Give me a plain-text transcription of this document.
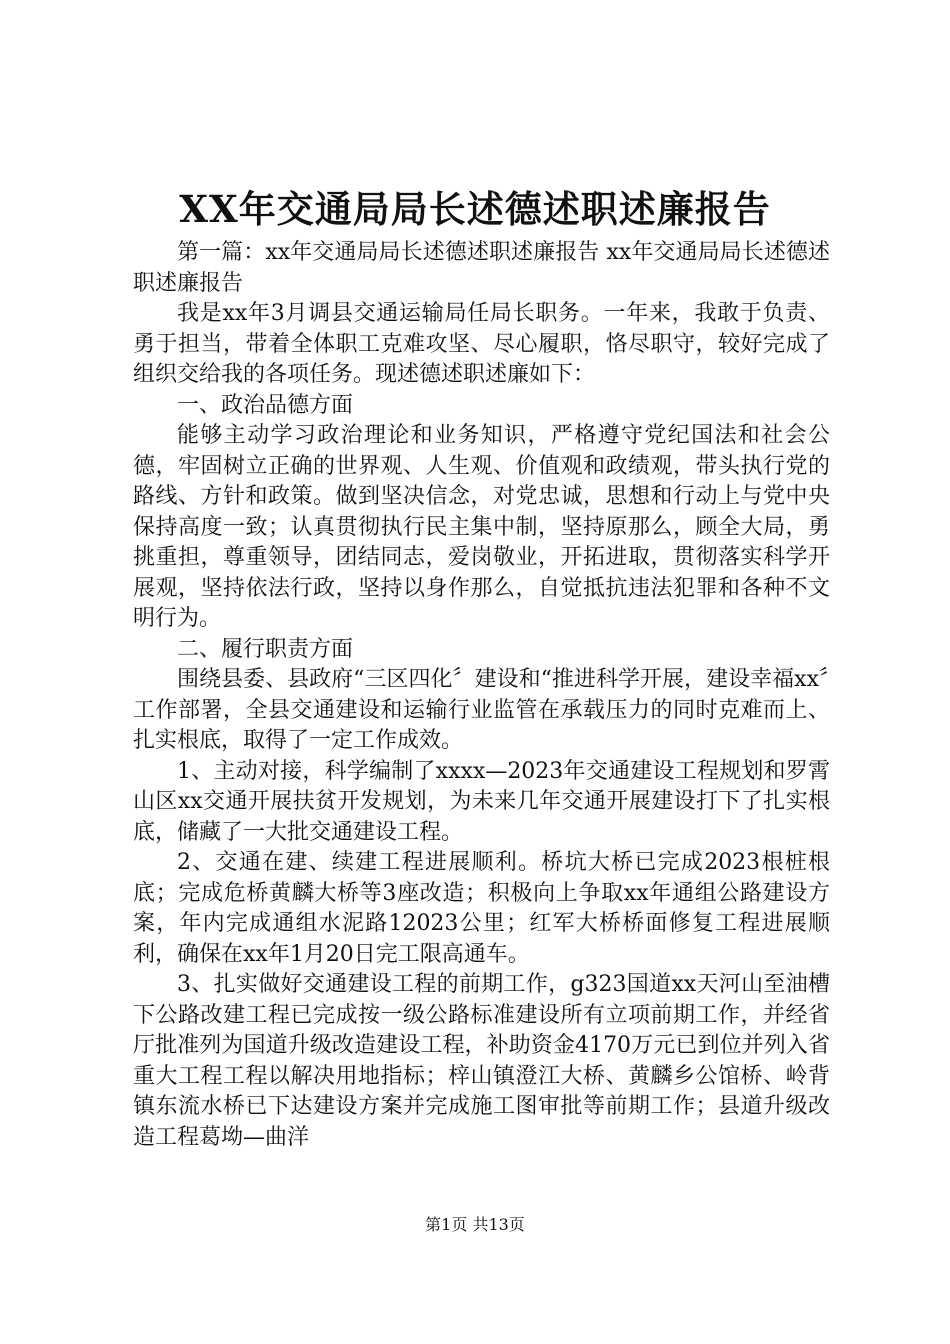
XX年交通局局长述德述职述廉报告

第一篇：xx年交通局局长述德述职述廉报告 xx年交通局局长述德述职述廉报告

我是xx年3月调县交通运输局任局长职务。一年来，我敢于负责、勇于担当，带着全体职工克难攻坚、尽心履职，恪尽职守，较好完成了组织交给我的各项任务。现述德述职述廉如下：

一、政治品德方面

能够主动学习政治理论和业务知识，严格遵守党纪国法和社会公德，牢固树立正确的世界观、人生观、价值观和政绩观，带头执行党的路线、方针和政策。做到坚决信念，对党忠诚，思想和行动上与党中央保持高度一致；认真贯彻执行民主集中制，坚持原那么，顾全大局，勇挑重担，尊重领导，团结同志，爱岗敬业，开拓进取，贯彻落实科学开展观，坚持依法行政，坚持以身作那么，自觉抵抗违法犯罪和各种不文明行为。

二、履行职责方面

围绕县委、县政府“三区四化〞建设和“推进科学开展，建设幸福xx〞工作部署，全县交通建设和运输行业监管在承载压力的同时克难而上、扎实根底，取得了一定工作成效。

1、主动对接，科学编制了xxxx—2023年交通建设工程规划和罗霄山区xx交通开展扶贫开发规划，为未来几年交通开展建设打下了扎实根底，储藏了一大批交通建设工程。

2、交通在建、续建工程进展顺利。桥坑大桥已完成2023根桩根底；完成危桥黄麟大桥等3座改造；积极向上争取xx年通组公路建设方案，年内完成通组水泥路12023公里；红军大桥桥面修复工程进展顺利，确保在xx年1月20日完工限高通车。

3、扎实做好交通建设工程的前期工作，g323国道xx天河山至油槽下公路改建工程已完成按一级公路标准建设所有立项前期工作，并经省厅批准列为国道升级改造建设工程，补助资金4170万元已到位并列入省重大工程工程以解决用地指标；梓山镇澄江大桥、黄麟乡公馆桥、岭背镇东流水桥已下达建设方案并完成施工图审批等前期工作；县道升级改造工程葛坳—曲洋

第1页 共13页
